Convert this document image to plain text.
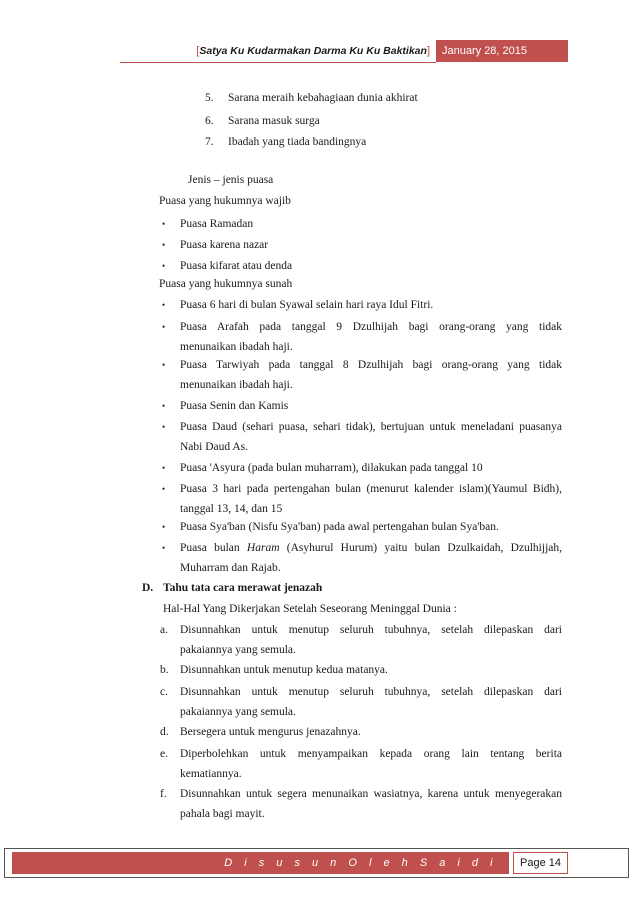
[Satya Ku Kudarmakan Darma Ku Ku Baktikan]	January 28, 2015
5. Sarana meraih kebahagiaan dunia akhirat
6. Sarana masuk surga
7. Ibadah yang tiada bandingnya
Jenis – jenis puasa
Puasa yang hukumnya wajib
• Puasa Ramadan
• Puasa karena nazar
• Puasa kifarat atau denda
Puasa yang hukumnya sunah
• Puasa 6 hari di bulan Syawal selain hari raya Idul Fitri.
• Puasa Arafah pada tanggal 9 Dzulhijah bagi orang-orang yang tidak
menunaikan ibadah haji.
• Puasa Tarwiyah pada tanggal 8 Dzulhijah bagi orang-orang yang tidak
menunaikan ibadah haji.
• Puasa Senin dan Kamis
• Puasa Daud (sehari puasa, sehari tidak), bertujuan untuk meneladani puasanya
Nabi Daud As.
• Puasa 'Asyura (pada bulan muharram), dilakukan pada tanggal 10
• Puasa 3 hari pada pertengahan bulan (menurut kalender islam)(Yaumul Bidh),
tanggal 13, 14, dan 15
• Puasa Sya'ban (Nisfu Sya'ban) pada awal pertengahan bulan Sya'ban.
• Puasa bulan Haram (Asyhurul Hurum) yaitu bulan Dzulkaidah, Dzulhijjah,
Muharram dan Rajab.
D. Tahu tata cara merawat jenazah
Hal-Hal Yang Dikerjakan Setelah Seseorang Meninggal Dunia :
a. Disunnahkan untuk menutup seluruh tubuhnya, setelah dilepaskan dari
pakaiannya yang semula.
b. Disunnahkan untuk menutup kedua matanya.
c. Disunnahkan untuk menutup seluruh tubuhnya, setelah dilepaskan dari
pakaiannya yang semula.
d. Bersegera untuk mengurus jenazahnya.
e. Diperbolehkan untuk menyampaikan kepada orang lain tentang berita
kematiannya.
f. Disunnahkan untuk segera menunaikan wasiatnya, karena untuk menyegerakan
pahala bagi mayit.
D i s u s u n O l e h S a i d i	Page 14
